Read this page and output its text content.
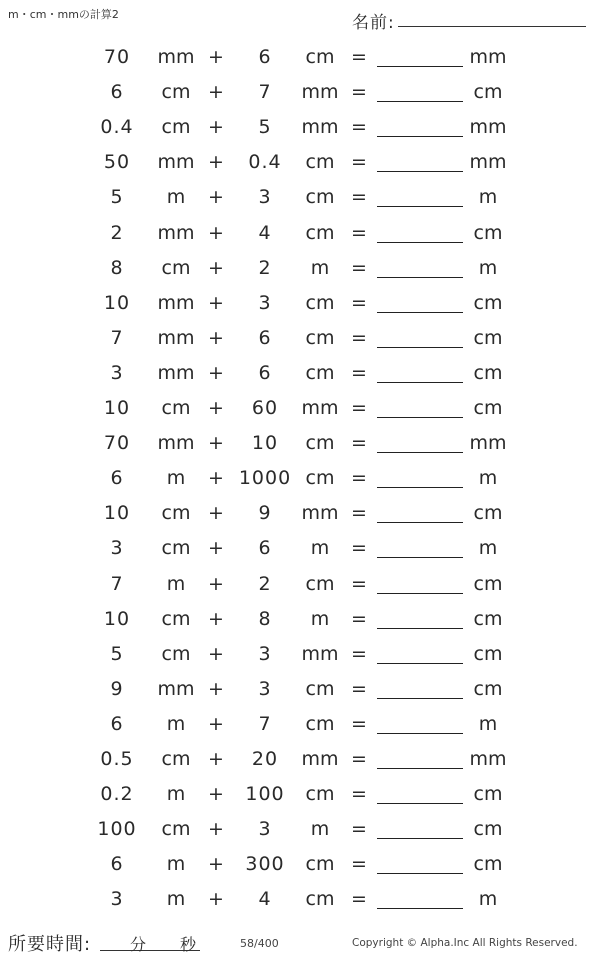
m・cm・mmの計算2	名前:
70	mm +	6	cm =	mm
6	cm +	7	mm =	cm
0.4	cm +	5	mm =	mm
50	mm +	0.4	cm =	mm
5	m	+	3	cm =	m
2	mm +	4	cm =	cm
8	cm +	2	m	=	m
10	mm +	3	cm =	cm
7	mm +	6	cm =	cm
3	mm +	6	cm =	cm
10	cm +	60	mm =	cm
70	mm +	10	cm =	mm
6	m	+ 1000 cm =	m
10	cm +	9	mm =	cm
3	cm +	6	m	=	m
7	m	+	2	cm =	cm
10	cm +	8	m	=	cm
5	cm +	3	mm =	cm
9	mm +	3	cm =	cm
6	m	+	7	cm =	m
0.5	cm +	20	mm =	mm
0.2	m	+	100	cm =	cm
100	cm +	3	m	=	cm
6	m	+	300	cm =	cm
3	m	+	4	cm =	m
所要時間: 分 秒	58/400	Copyright © Alpha.Inc All Rights Reserved.
